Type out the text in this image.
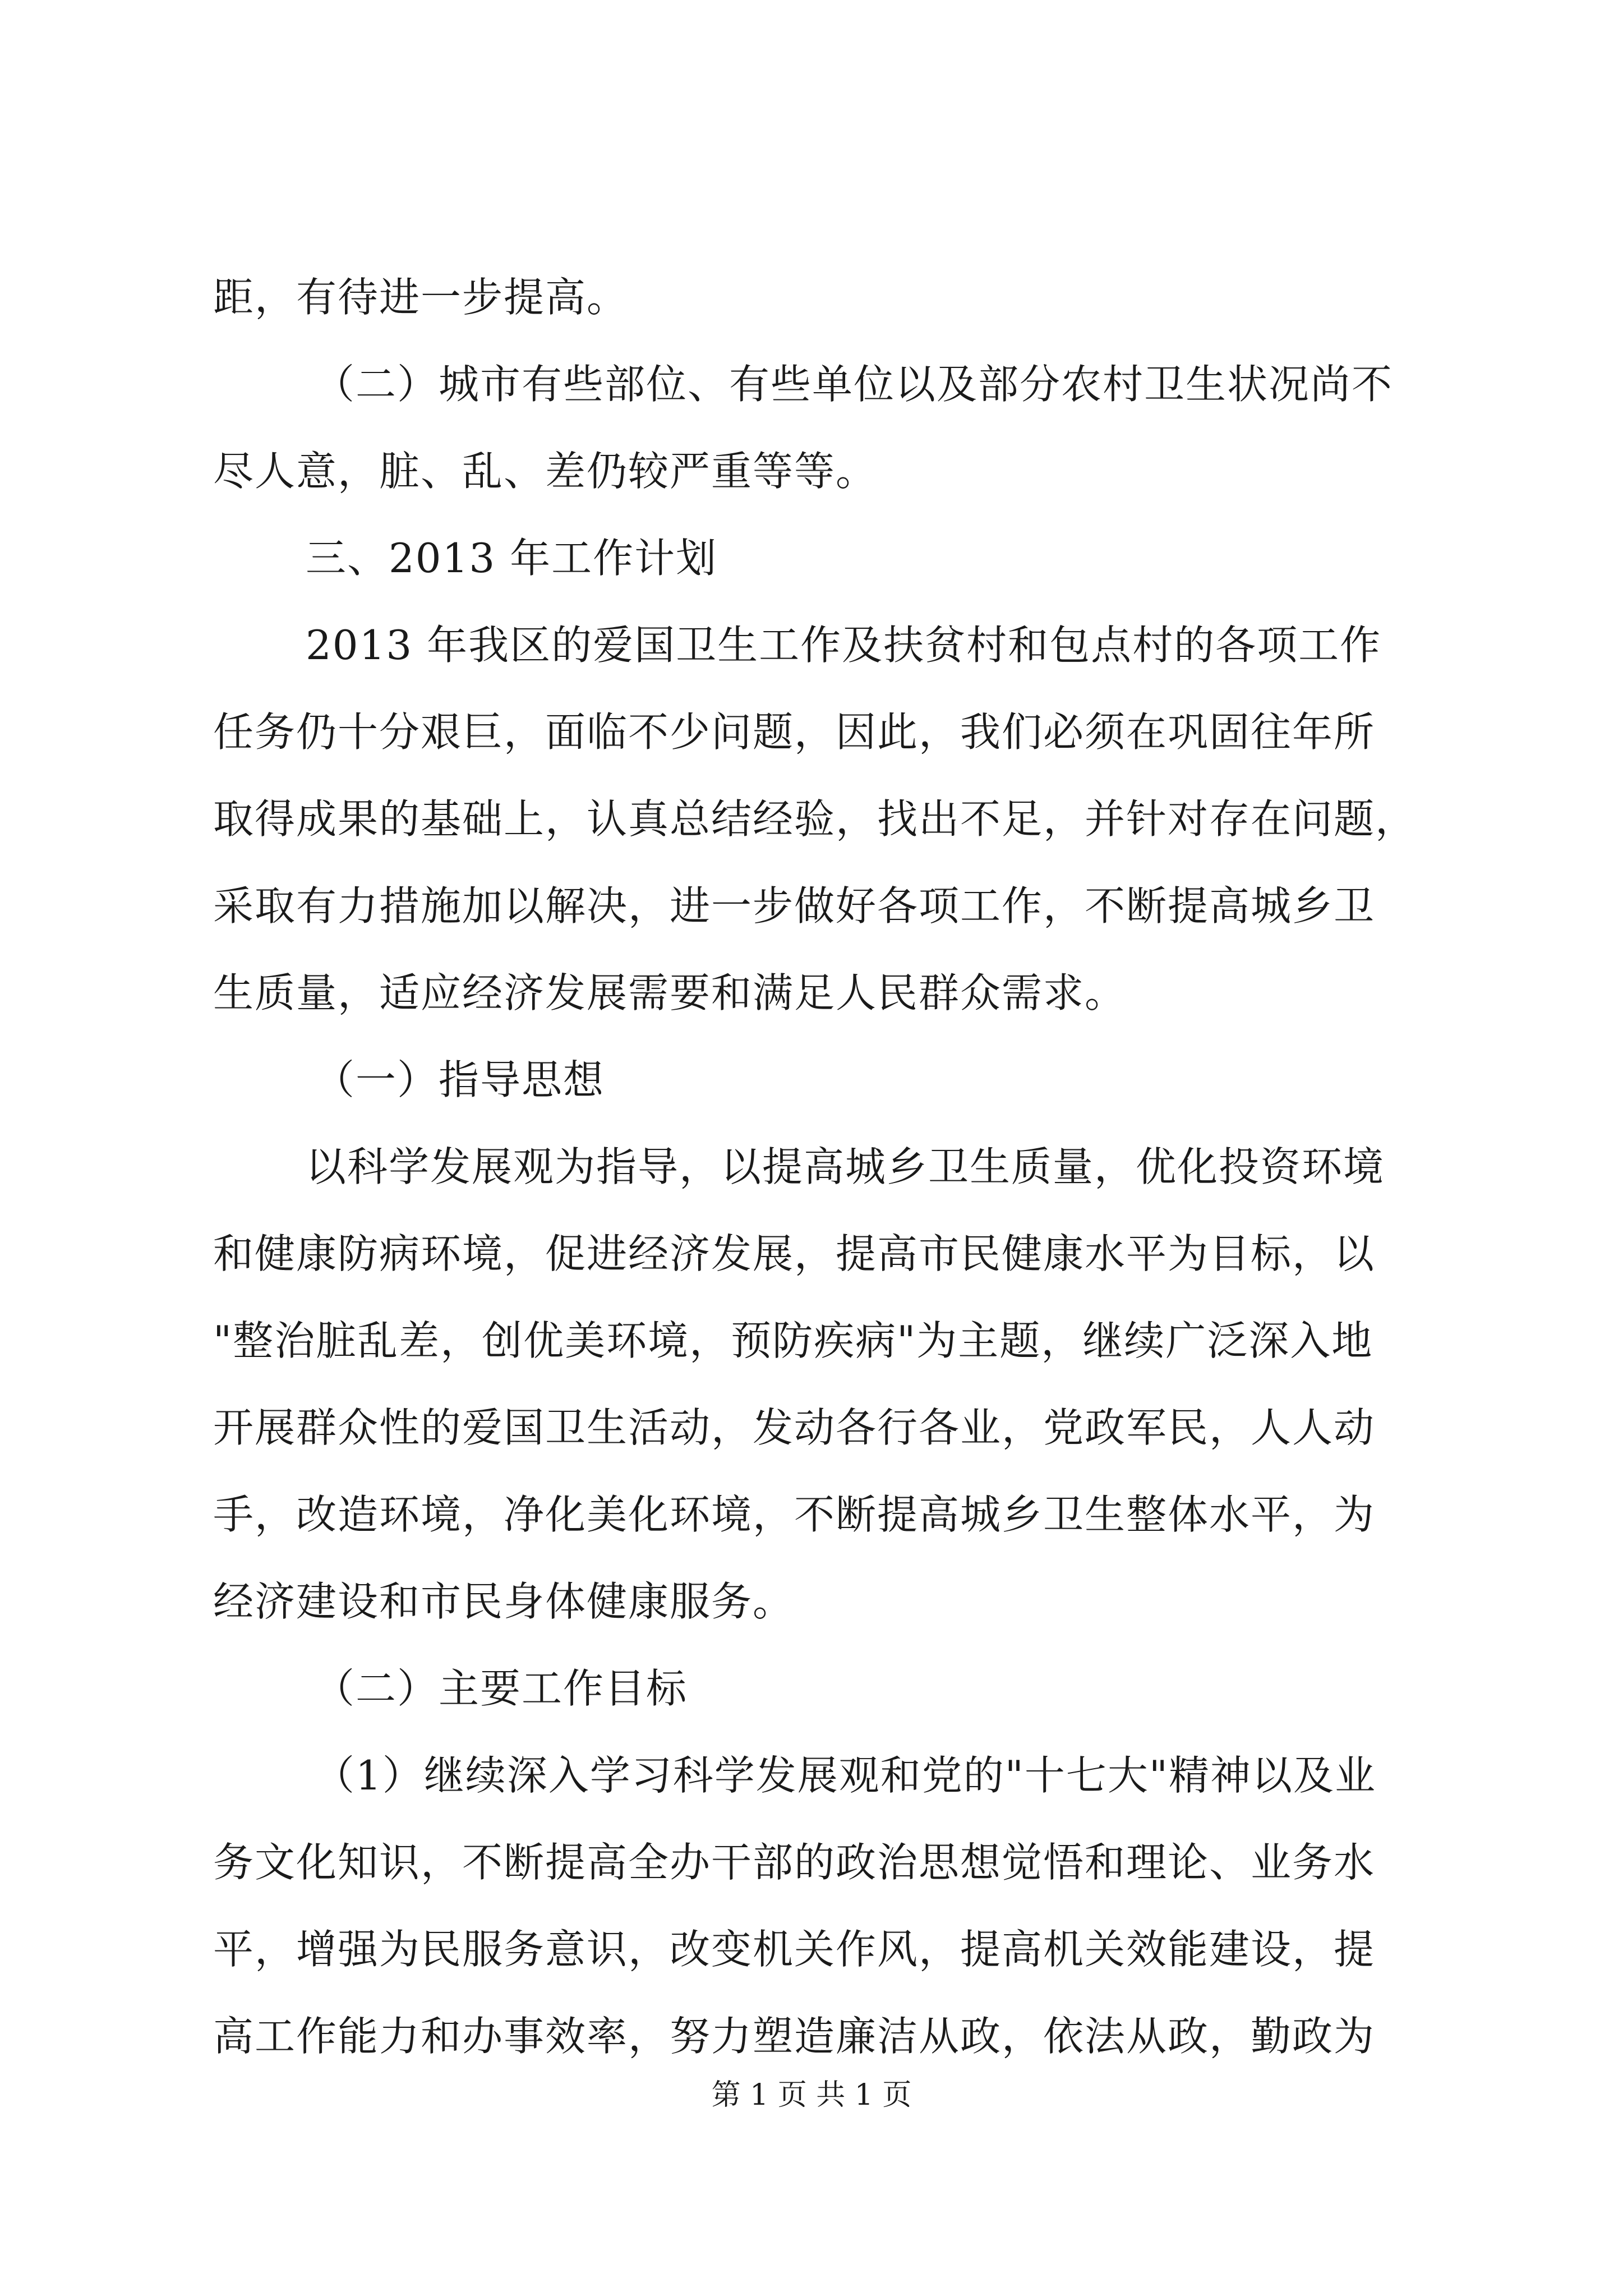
距，有待进一步提高。
（二）城市有些部位、有些单位以及部分农村卫生状况尚不
尽人意，脏、乱、差仍较严重等等。
三、2013 年工作计划
2013 年我区的爱国卫生工作及扶贫村和包点村的各项工作
任务仍十分艰巨，面临不少问题，因此，我们必须在巩固往年所
取得成果的基础上，认真总结经验，找出不足，并针对存在问题，
采取有力措施加以解决，进一步做好各项工作，不断提高城乡卫
生质量，适应经济发展需要和满足人民群众需求。
（一）指导思想
以科学发展观为指导，以提高城乡卫生质量，优化投资环境
和健康防病环境，促进经济发展，提高市民健康水平为目标，以
"整治脏乱差，创优美环境，预防疾病"为主题，继续广泛深入地
开展群众性的爱国卫生活动，发动各行各业，党政军民，人人动
手，改造环境，净化美化环境，不断提高城乡卫生整体水平，为
经济建设和市民身体健康服务。
（二）主要工作目标
（1）继续深入学习科学发展观和党的"十七大"精神以及业
务文化知识，不断提高全办干部的政治思想觉悟和理论、业务水
平，增强为民服务意识，改变机关作风，提高机关效能建设，提
高工作能力和办事效率，努力塑造廉洁从政，依法从政，勤政为
第 1 页 共 1 页
